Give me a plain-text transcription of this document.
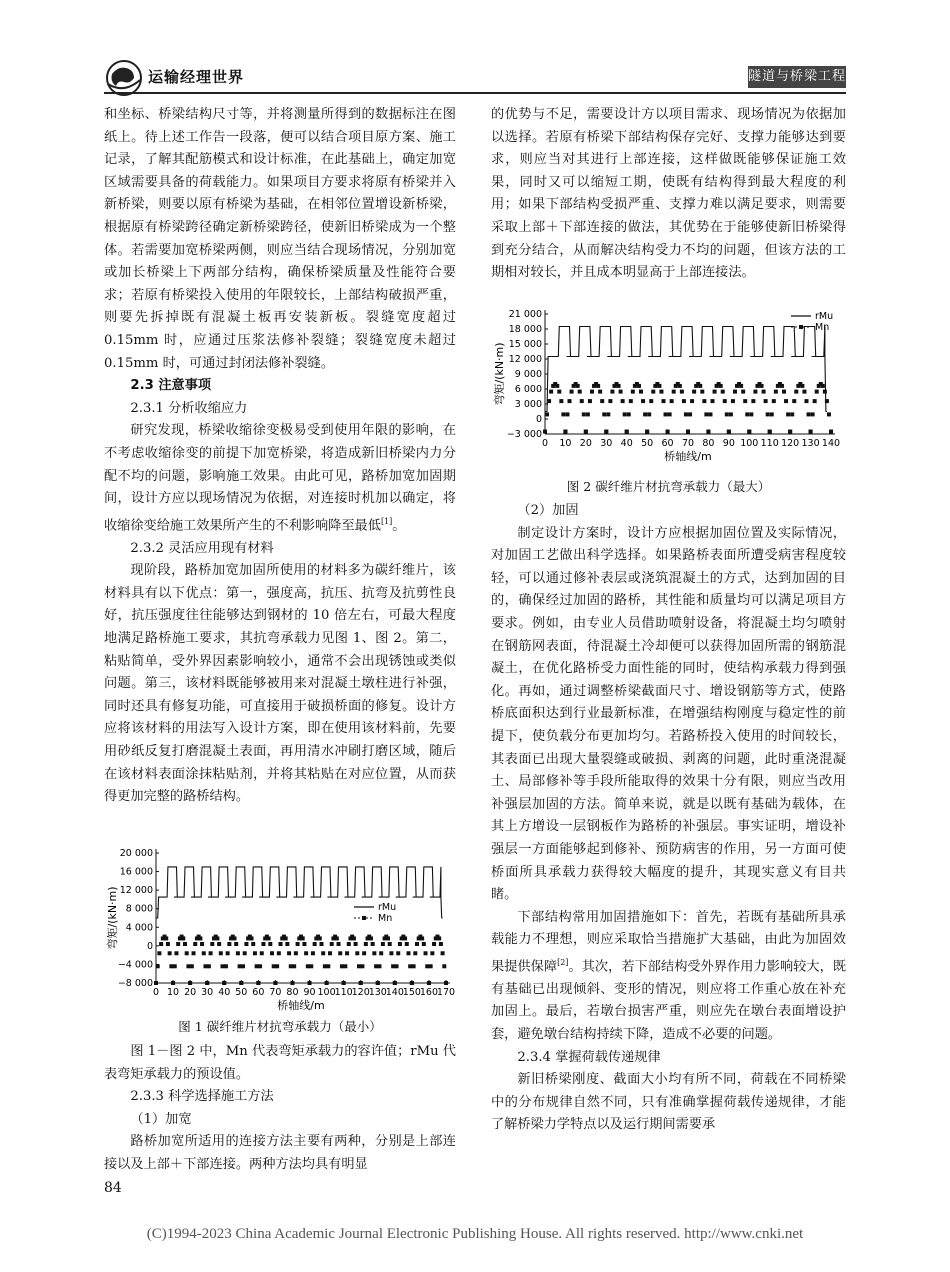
运输经理世界	隧道与桥梁工程

和坐标、桥梁结构尺寸等，并将测量所得到的数据标注在图纸上。待上述工作告一段落，便可以结合项目原方案、施工记录，了解其配筋模式和设计标准，在此基础上，确定加宽区域需要具备的荷载能力。如果项目方要求将原有桥梁并入新桥梁，则要以原有桥梁为基础，在相邻位置增设新桥梁，根据原有桥梁跨径确定新桥梁跨径，使新旧桥梁成为一个整体。若需要加宽桥梁两侧，则应当结合现场情况，分别加宽或加长桥梁上下两部分结构，确保桥梁质量及性能符合要求；若原有桥梁投入使用的年限较长，上部结构破损严重，则要先拆掉既有混凝土板再安装新板。裂缝宽度超过 0.15mm 时，应通过压浆法修补裂缝；裂缝宽度未超过 0.15mm 时，可通过封闭法修补裂缝。

2.3 注意事项

2.3.1 分析收缩应力

研究发现，桥梁收缩徐变极易受到使用年限的影响，在不考虑收缩徐变的前提下加宽桥梁，将造成新旧桥梁内力分配不均的问题，影响施工效果。由此可见，路桥加宽加固期间，设计方应以现场情况为依据，对连接时机加以确定，将收缩徐变给施工效果所产生的不利影响降至最低[1]。

2.3.2 灵活应用现有材料

现阶段，路桥加宽加固所使用的材料多为碳纤维片，该材料具有以下优点：第一，强度高，抗压、抗弯及抗剪性良好，抗压强度往往能够达到钢材的 10 倍左右，可最大程度地满足路桥施工要求，其抗弯承载力见图 1、图 2。第二，粘贴简单，受外界因素影响较小，通常不会出现锈蚀或类似问题。第三，该材料既能够被用来对混凝土墩柱进行补强，同时还具有修复功能，可直接用于破损桥面的修复。设计方应将该材料的用法写入设计方案，即在使用该材料前，先要用砂纸反复打磨混凝土表面，再用清水冲刷打磨区域，随后在该材料表面涂抹粘贴剂，并将其粘贴在对应位置，从而获得更加完整的路桥结构。

−8 000
−4 000
0
4 000
8 000
12 000
16 000
20 000
0 10 20 30 40 50 60 70 80 90 100
110
120
130
140
150
160
170
桥轴线/m
弯矩/(kN·m)	rMu
Mn
图 1 碳纤维片材抗弯承载力（最小）

图 1－图 2 中，Mn 代表弯矩承载力的容许值；rMu 代表弯矩承载力的预设值。

2.3.3 科学选择施工方法

（1）加宽

路桥加宽所适用的连接方法主要有两种，分别是上部连接以及上部＋下部连接。两种方法均具有明显

的优势与不足，需要设计方以项目需求、现场情况为依据加以选择。若原有桥梁下部结构保存完好、支撑力能够达到要求，则应当对其进行上部连接，这样做既能够保证施工效果，同时又可以缩短工期，使既有结构得到最大程度的利用；如果下部结构受损严重、支撑力难以满足要求，则需要采取上部＋下部连接的做法，其优势在于能够使新旧桥梁得到充分结合，从而解决结构受力不均的问题，但该方法的工期相对较长，并且成本明显高于上部连接法。

−3 000
0
3 000
6 000
9 000
12 000
15 000
18 000
21 000
0 10 20 30 40 50 60 70 80 90 100 110 120 130 140
桥轴线/m
弯矩/(kN·m)
rMu
Mn
图 2 碳纤维片材抗弯承载力（最大）

（2）加固

制定设计方案时，设计方应根据加固位置及实际情况，对加固工艺做出科学选择。如果路桥表面所遭受病害程度较轻，可以通过修补表层或浇筑混凝土的方式，达到加固的目的，确保经过加固的路桥，其性能和质量均可以满足项目方要求。例如，由专业人员借助喷射设备，将混凝土均匀喷射在钢筋网表面，待混凝土冷却便可以获得加固所需的钢筋混凝土，在优化路桥受力面性能的同时，使结构承载力得到强化。再如，通过调整桥梁截面尺寸、增设钢筋等方式，使路桥底面积达到行业最新标准，在增强结构刚度与稳定性的前提下，使负载分布更加均匀。若路桥投入使用的时间较长，其表面已出现大量裂缝或破损、剥离的问题，此时重浇混凝土、局部修补等手段所能取得的效果十分有限，则应当改用补强层加固的方法。简单来说，就是以既有基础为载体，在其上方增设一层钢板作为路桥的补强层。事实证明，增设补强层一方面能够起到修补、预防病害的作用，另一方面可使桥面所具承载力获得较大幅度的提升，其现实意义有目共睹。

下部结构常用加固措施如下：首先，若既有基础所具承载能力不理想，则应采取恰当措施扩大基础，由此为加固效果提供保障[2]。其次，若下部结构受外界作用力影响较大，既有基础已出现倾斜、变形的情况，则应将工作重心放在补充加固上。最后，若墩台损害严重，则应先在墩台表面增设护套，避免墩台结构持续下降，造成不必要的问题。

2.3.4 掌握荷载传递规律

新旧桥梁刚度、截面大小均有所不同，荷载在不同桥梁中的分布规律自然不同，只有准确掌握荷载传递规律，才能了解桥梁力学特点以及运行期间需要承

84
(C)1994-2023 China Academic Journal Electronic Publishing House. All rights reserved. http://www.cnki.net
